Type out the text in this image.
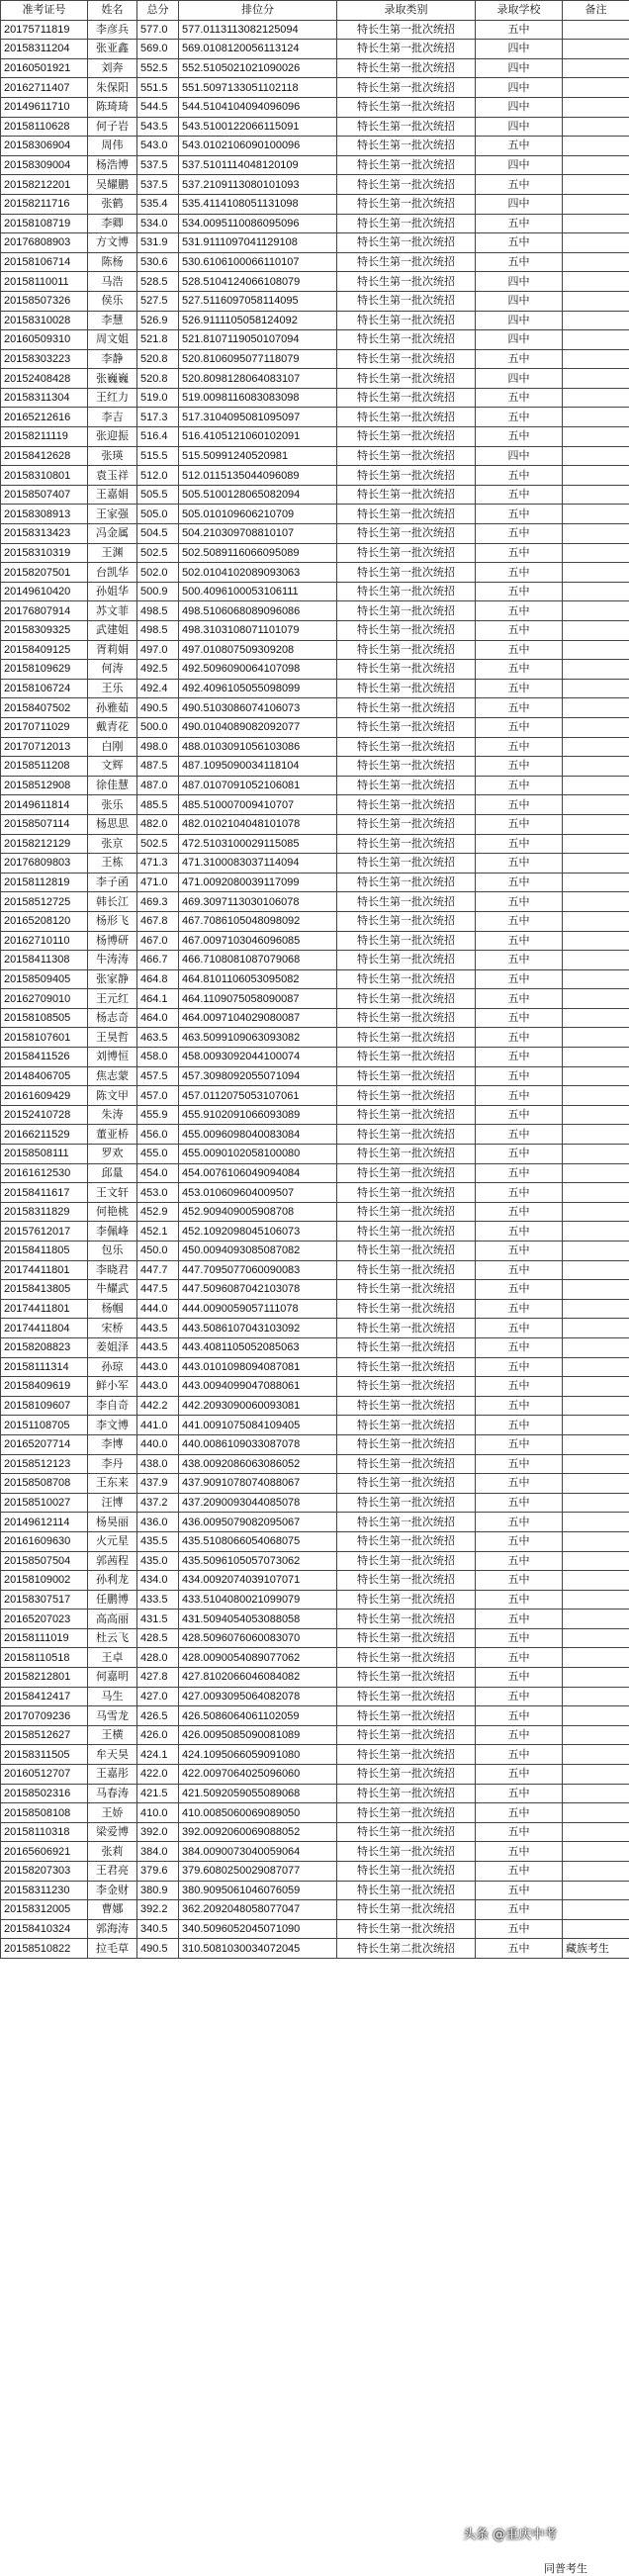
准考证号	姓名	总分	排位分	录取类别	录取学校	备注
20175711819	李彦兵	577.0	577.0113113082125094	特长生第一批次统招	五中	
20158311204	张亚鑫	569.0	569.0108120056113124	特长生第一批次统招	四中	
20160501921	刘奔	552.5	552.5105021021090026	特长生第一批次统招	四中	
20162711407	朱保阳	551.5	551.5097133051102118	特长生第一批次统招	四中	
20149611710	陈琦琦	544.5	544.5104104094096096	特长生第一批次统招	四中	
20158110628	何子岩	543.5	543.5100122066115091	特长生第一批次统招	四中	
20158306904	周伟	543.0	543.0102106090100096	特长生第一批次统招	五中	
20158309004	杨浩博	537.5	537.5101114048120109	特长生第一批次统招	四中	
20158212201	吴耀鹏	537.5	537.2109113080101093	特长生第一批次统招	五中	
20158211716	张鹤	535.4	535.4114108051131098	特长生第一批次统招	四中	
20158108719	李卿	534.0	534.0095110086095096	特长生第一批次统招	五中	
20176808903	方文博	531.9	531.9111097041129108	特长生第一批次统招	五中	
20158106714	陈杨	530.6	530.6106100066110107	特长生第一批次统招	五中	
20158110011	马浩	528.5	528.5104124066108079	特长生第一批次统招	四中	
20158507326	侯乐	527.5	527.5116097058114095	特长生第一批次统招	四中	
20158310028	李慧	526.9	526.9111105058124092	特长生第一批次统招	四中	
20160509310	周文姐	521.8	521.8107119050107094	特长生第一批次统招	四中	
20158303223	李静	520.8	520.8106095077118079	特长生第一批次统招	五中	
20152408428	张巍巍	520.8	520.8098128064083107	特长生第一批次统招	四中	
20158311304	王红力	519.0	519.0098116083083098	特长生第一批次统招	五中	
20165212616	李吉	517.3	517.3104095081095097	特长生第一批次统招	五中	
20158211119	张迎振	516.4	516.4105121060102091	特长生第一批次统招	五中	
20158412628	张瑛	515.5	515.50991240520981	特长生第一批次统招	四中	
20158310801	袁玉祥	512.0	512.0115135044096089	特长生第一批次统招	五中	
20158507407	王嘉娟	505.5	505.5100128065082094	特长生第一批次统招	五中	
20158308913	王家强	505.0	505.010109606210709	特长生第一批次统招	五中	
20158313423	冯金属	504.5	504.210309708810107	特长生第一批次统招	五中	
20158310319	王渊	502.5	502.5089116066095089	特长生第一批次统招	五中	
20158207501	台凯华	502.0	502.0104102089093063	特长生第一批次统招	五中	
20149610420	孙姐华	500.9	500.4096100053106111	特长生第一批次统招	五中	
20176807914	苏文菲	498.5	498.5106068089096086	特长生第一批次统招	五中	
20158309325	武建姐	498.5	498.3103108071101079	特长生第一批次统招	五中	
20158409125	胥莉娟	497.0	497.010807509309208	特长生第一批次统招	五中	
20158109629	何涛	492.5	492.5096090064107098	特长生第一批次统招	五中	
20158106724	王乐	492.4	492.4096105055098099	特长生第一批次统招	五中	
20158407502	孙雅茹	490.5	490.5103086074106073	特长生第一批次统招	五中	
20170711029	戴青花	500.0	490.0104089082092077	特长生第一批次统招	五中	
20170712013	白刚	498.0	488.0103091056103086	特长生第一批次统招	五中	
20158511208	文辉	487.5	487.1095090034118104	特长生第一批次统招	五中	
20158512908	徐佳慧	487.0	487.0107091052106081	特长生第一批次统招	五中	
20149611814	张乐	485.5	485.510007009410707	特长生第一批次统招	五中	
20158507114	杨思思	482.0	482.0102104048101078	特长生第一批次统招	五中	
20158212129	张京	502.5	472.5103100029115085	特长生第一批次统招	五中	
20176809803	王栋	471.3	471.3100083037114094	特长生第一批次统招	五中	
20158112819	李子函	471.0	471.0092080039117099	特长生第一批次统招	五中	
20158512725	韩长江	469.3	469.3097113030106078	特长生第一批次统招	五中	
20165208120	杨形飞	467.8	467.7086105048098092	特长生第一批次统招	五中	
20162710110	杨博研	467.0	467.0097103046096085	特长生第一批次统招	五中	
20158411308	牛涛涛	466.7	466.7108081087079068	特长生第一批次统招	五中	
20158509405	张家静	464.8	464.8101106053095082	特长生第一批次统招	五中	
20162709010	王元红	464.1	464.1109075058090087	特长生第一批次统招	五中	
20158108505	杨志奇	464.0	464.0097104029080087	特长生第一批次统招	五中	
20158107601	王昊哲	463.5	463.5099109063093082	特长生第一批次统招	五中	
20158411526	刘博恒	458.0	458.0093092044100074	特长生第一批次统招	五中	
20148406705	焦志蒙	457.5	457.3098092055071094	特长生第一批次统招	五中	
20161609429	陈文甲	457.0	457.0112075053107061	特长生第一批次统招	五中	
20152410728	朱涛	455.9	455.9102091066093089	特长生第一批次统招	五中	
20166211529	董亚桥	456.0	455.0096098040083084	特长生第一批次统招	五中	
20158508111	罗欢	455.0	455.0090102058100080	特长生第一批次统招	五中	
20161612530	邱量	454.0	454.0076106049094084	特长生第一批次统招	五中	
20158411617	王文轩	453.0	453.010609604009507	特长生第一批次统招	五中	
20158311829	何艳桃	452.9	452.909409005908708	特长生第一批次统招	五中	
20157612017	李佩峰	452.1	452.1092098045106073	特长生第一批次统招	五中	
20158411805	包乐	450.0	450.0094093085087082	特长生第一批次统招	五中	
20174411801	李晓君	447.7	447.7095077060090083	特长生第一批次统招	五中	
20158413805	牛耀武	447.5	447.5096087042103078	特长生第一批次统招	五中	
20174411801	杨帼	444.0	444.0090059057111078	特长生第一批次统招	五中	
20174411804	宋桥	443.5	443.5086107043103092	特长生第一批次统招	五中	
20158208823	姜姐泽	443.5	443.4081105052085063	特长生第一批次统招	五中	
20158111314	孙琼	443.0	443.0101098094087081	特长生第一批次统招	五中	
20158409619	鲜小军	443.0	443.0094099047088061	特长生第一批次统招	五中	
20158109607	李自奇	442.2	442.2093090060093081	特长生第一批次统招	五中	
20151108705	李文博	441.0	441.0091075084109405	特长生第一批次统招	五中	
20165207714	李博	440.0	440.0086109033087078	特长生第一批次统招	五中	
20158512123	李丹	438.0	438.0092086063086052	特长生第一批次统招	五中	
20158508708	王东来	437.9	437.9091078074088067	特长生第一批次统招	五中	
20158510027	汪博	437.2	437.2090093044085078	特长生第一批次统招	五中	
20149612114	杨昊丽	436.0	436.0095079082095067	特长生第一批次统招	五中	
20161609630	火元星	435.5	435.5108066054068075	特长生第一批次统招	五中	
20158507504	郭茜程	435.0	435.5096105057073062	特长生第一批次统招	五中	
20158109002	孙利龙	434.0	434.0092074039107071	特长生第一批次统招	五中	
20158307517	任鹏博	433.5	433.5104080021099079	特长生第一批次统招	五中	
20165207023	高高丽	431.5	431.5094054053088058	特长生第一批次统招	五中	
20158111019	杜云飞	428.5	428.5096076060083070	特长生第一批次统招	五中	
20158110518	王卓	428.0	428.0090054089077062	特长生第一批次统招	五中	
20158212801	何嘉明	427.8	427.8102066046084082	特长生第一批次统招	五中	
20158412417	马生	427.0	427.0093095064082078	特长生第一批次统招	五中	
20170709236	马雪龙	426.5	426.5086064061102059	特长生第一批次统招	五中	
20158512627	王横	426.0	426.0095085090081089	特长生第一批次统招	五中	
20158311505	牟天昊	424.1	424.1095066059091080	特长生第一批次统招	五中	
20160512707	王嘉彤	422.0	422.0097064025096060	特长生第一批次统招	五中	
20158502316	马春涛	421.5	421.5092059055089068	特长生第一批次统招	五中	
20158508108	王娇	410.0	410.0085060069089050	特长生第一批次统招	五中	
20158110318	梁爱博	392.0	392.0092060069088052	特长生第一批次统招	五中	
20165606921	张莉	384.0	384.0090073040059064	特长生第一批次统招	五中	
20158207303	王君亮	379.6	379.6080250029087077	特长生第一批次统招	五中	
20158311230	李金财	380.9	380.9095061046076059	特长生第一批次统招	五中	
20158312005	曹娜	392.2	362.2092048058077047	特长生第一批次统招	五中	
20158410324	郭海涛	340.5	340.5096052045071090	特长生第一批次统招	五中	
20158510822	拉毛草	490.5	310.5081030034072045	特长生第二批次统招	五中	藏族考生
头条 @重庆中考
同普考生
